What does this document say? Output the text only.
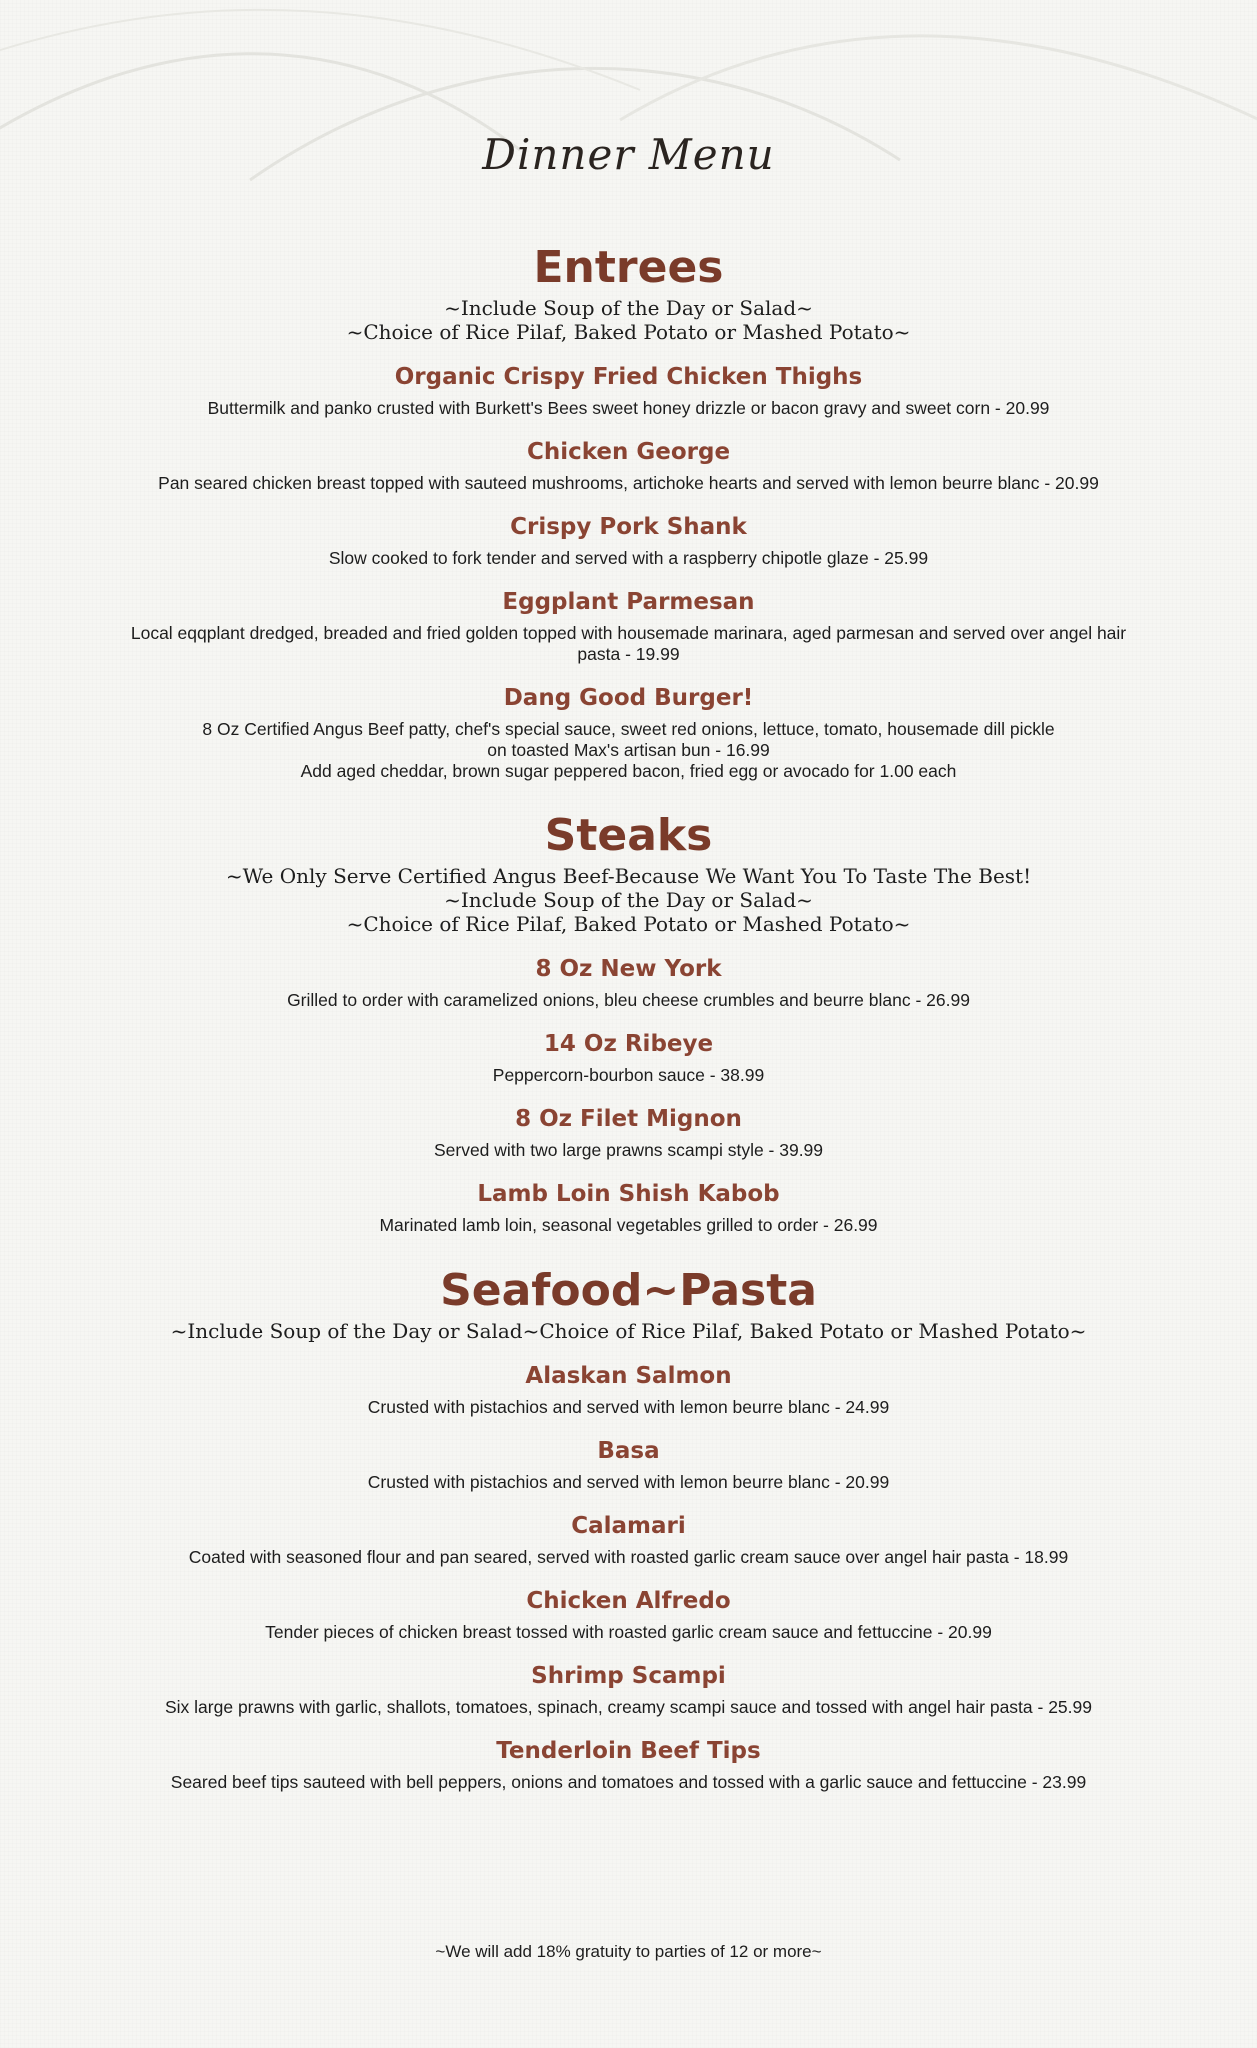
Dinner Menu
Entrees

~Include Soup of the Day or Salad~

~Choice of Rice Pilaf, Baked Potato or Mashed Potato~

Organic Crispy Fried Chicken Thighs
Buttermilk and panko crusted with Burkett's Bees sweet honey drizzle or bacon gravy and sweet corn - 20.99
Chicken George
Pan seared chicken breast topped with sauteed mushrooms, artichoke hearts and served with lemon beurre blanc - 20.99
Crispy Pork Shank
Slow cooked to fork tender and served with a raspberry chipotle glaze - 25.99
Eggplant Parmesan
Local eqqplant dredged, breaded and fried golden topped with housemade marinara, aged parmesan and served over angel hair
pasta - 19.99
Dang Good Burger!
8 Oz Certified Angus Beef patty, chef's special sauce, sweet red onions, lettuce, tomato, housemade dill pickle
on toasted Max's artisan bun - 16.99
Add aged cheddar, brown sugar peppered bacon, fried egg or avocado for 1.00 each
Steaks

~We Only Serve Certified Angus Beef-Because We Want You To Taste The Best!

~Include Soup of the Day or Salad~

~Choice of Rice Pilaf, Baked Potato or Mashed Potato~

8 Oz New York
Grilled to order with caramelized onions, bleu cheese crumbles and beurre blanc - 26.99
14 Oz Ribeye
Peppercorn-bourbon sauce - 38.99
8 Oz Filet Mignon
Served with two large prawns scampi style - 39.99
Lamb Loin Shish Kabob
Marinated lamb loin, seasonal vegetables grilled to order - 26.99
Seafood~Pasta

~Include Soup of the Day or Salad~Choice of Rice Pilaf, Baked Potato or Mashed Potato~

Alaskan Salmon
Crusted with pistachios and served with lemon beurre blanc - 24.99
Basa
Crusted with pistachios and served with lemon beurre blanc - 20.99
Calamari
Coated with seasoned flour and pan seared, served with roasted garlic cream sauce over angel hair pasta - 18.99
Chicken Alfredo
Tender pieces of chicken breast tossed with roasted garlic cream sauce and fettuccine - 20.99
Shrimp Scampi
Six large prawns with garlic, shallots, tomatoes, spinach, creamy scampi sauce and tossed with angel hair pasta - 25.99
Tenderloin Beef Tips
Seared beef tips sauteed with bell peppers, onions and tomatoes and tossed with a garlic sauce and fettuccine - 23.99
~We will add 18% gratuity to parties of 12 or more~
